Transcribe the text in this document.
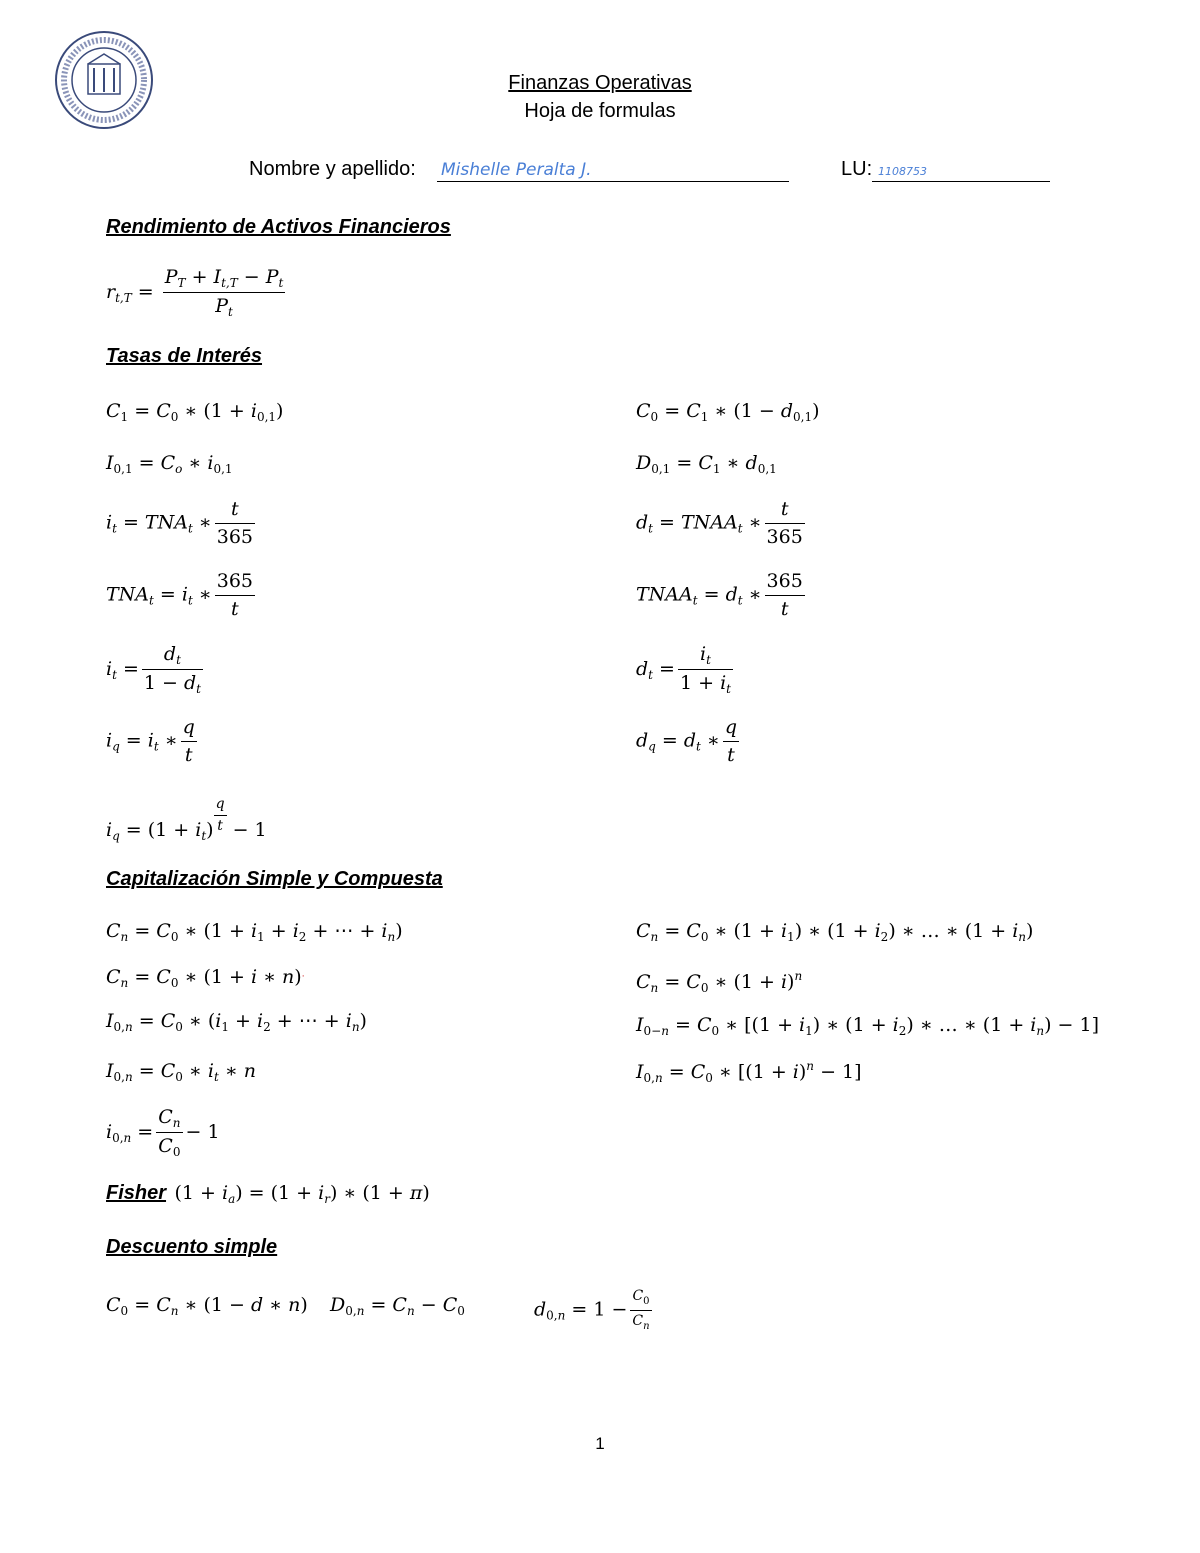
Finanzas Operativas
Hoja de formulas
Nombre y apellido: Mishelle Peralta J.	LU: 1108753
Rendimiento de Activos Financieros
$r_{t,T} = \frac{P_T + I_{t,T} - P_t}{P_t}$
Tasas de Interés
$C_1 = C_0$ ∗ $(1 + i_{0,1})$	$C_0 = C_1$ ∗ $(1 - d_{0,1})$
$I_{0,1} = C_o$ ∗ $i_{0,1}$	$D_{0,1} = C_1$ ∗ $d_{0,1}$
$i_t = TNA_t$ ∗ $\frac{t}{365}$	$d_t$ = $TNAA_t$ ∗ $\frac{t}{365}$
$TNA_t = i_t$ ∗ $\frac{365}{t}$	$TNAA_t = d_t$ ∗ $\frac{365}{t}$
$i_t = \frac{d_t}{1 - d_t}$	$d_t = \frac{i_t}{1 + i_t}$
$i_q = i_t$ ∗ $\frac{q}{t}$	$d_q = d_t$ ∗ $\frac{q}{t}$
$i_q = (1 + i_t) \frac{q}{t} - 1$
Capitalización Simple y Compuesta
$C_n = C_0$ ∗ ($1 + i_1 + i_2$ + ⋯ + $i_n$)	$C_n = C_0$ ∗ $(1 + i_1)$ ∗ $(1 + i_2)$ ∗ … ∗ $(1 + i_n)$
$C_n = C_0$ ∗ (1 + i ∗ n)·	$C_n = C_0$ ∗ $(1 + i)^n$
$I_{0,n} = C_0$ ∗ ($i_1 + i_2$ + ⋯ + $i_n$)	$I_{0-n} = C_0$ ∗ [$(1 + i_1)$ ∗ $(1 + i_2)$ ∗ … ∗ $(1 + i_n) - 1$]
$I_{0,n} = C_0$ ∗ $i_t$ ∗ n	$I_{0,n} = C_0$ ∗ $[(1 + i)^n - 1]$
$i_{0,n} = \frac{C_n}{C_0} - 1$
Fisher $(1 + i_a) = (1 + i_r)$ ∗ (1 + π)
Descuento simple
$C_0 = C_n$ ∗ (1 − d ∗ n) $D_{0,n} = C_n - C_0$	$d_{0,n} = 1 - \frac{C_0}{C_n}$
1
